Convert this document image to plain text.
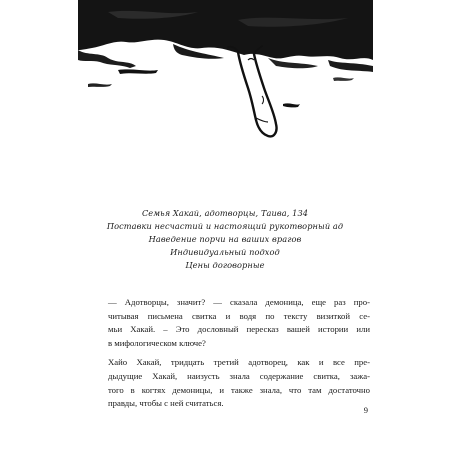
Семья Хакай, адотворцы, Таива, 134
Поставки несчастий и настоящий рукотворный ад
Наведение порчи на ваших врагов
Индивидуальный подход
Цены договорные

— Адотворцы, значит? — сказала демоница, еще раз про-
читывая письмена свитка и водя по тексту визиткой се-
мьи Хакай. – Это дословный пересказ вашей истории или
в мифологическом ключе?

Хайо Хакай, тридцать третий адотворец, как и все пре-
дыдущие Хакай, наизусть знала содержание свитка, зажа-
того в когтях демоницы, и также знала, что там достаточно
правды, чтобы с ней считаться.

9
